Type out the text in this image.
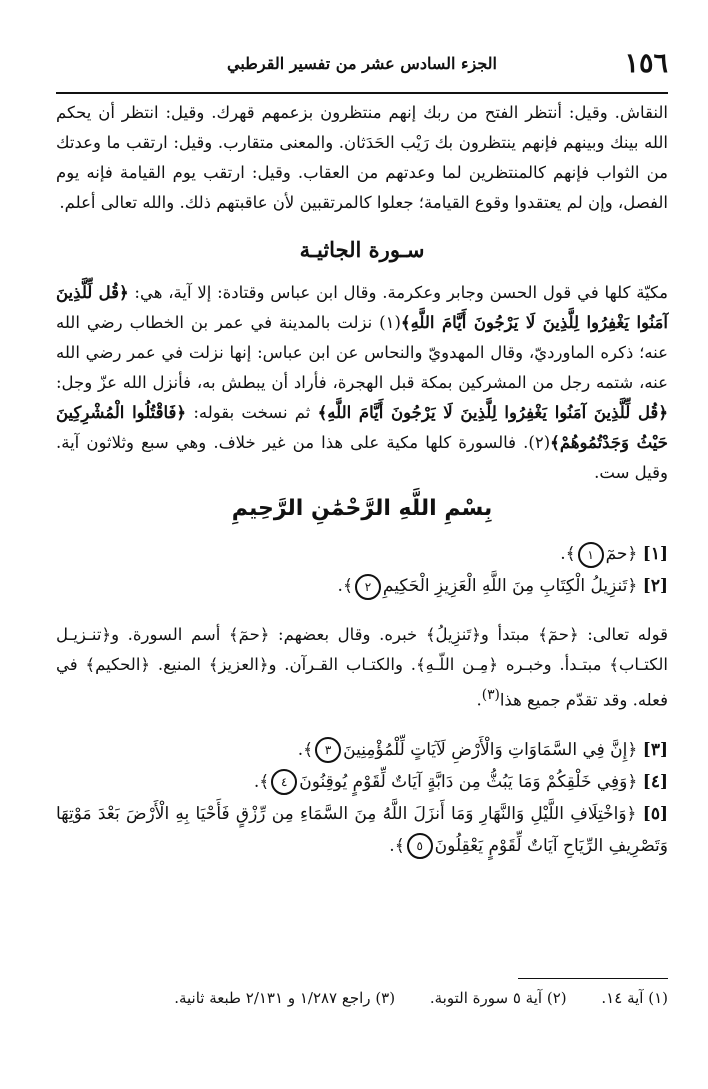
١٥٦
الجزء السادس عشر من تفسير القرطبي

النقاش. وقيل: أنتظر الفتح من ربك إنهم منتظرون بزعمهم قهرك. وقيل: انتظر أن يحكم الله بينك وبينهم فإنهم ينتظرون بك رَيْب الحَدَثان. والمعنى متقارب. وقيل: ارتقب ما وعدتك من الثواب فإنهم كالمنتظرين لما وعدتهم من العقاب. وقيل: ارتقب يوم القيامة فإنه يوم الفصل، وإن لم يعتقدوا وقوع القيامة؛ جعلوا كالمرتقبين لأن عاقبتهم ذلك. والله تعالى أعلم.

سـورة الجاثيـة

مكيّة كلها في قول الحسن وجابر وعكرمة. وقال ابن عباس وقتادة: إلا آية، هي: ﴿قُل لِّلَّذِينَ آمَنُوا يَغْفِرُوا لِلَّذِينَ لَا يَرْجُونَ أَيَّامَ اللَّهِ﴾(١) نزلت بالمدينة في عمر بن الخطاب رضي الله عنه؛ ذكره الماورديّ، وقال المهدويّ والنحاس عن ابن عباس: إنها نزلت في عمر رضي الله عنه، شتمه رجل من المشركين بمكة قبل الهجرة، فأراد أن يبطش به، فأنزل الله عزّ وجل: ﴿قُل لِّلَّذِينَ آمَنُوا يَغْفِرُوا لِلَّذِينَ لَا يَرْجُونَ أَيَّامَ اللَّهِ﴾ ثم نسخت بقوله: ﴿فَاقْتُلُوا الْمُشْرِكِينَ حَيْثُ وَجَدْتُمُوهُمْ﴾(٢). فالسورة كلها مكية على هذا من غير خلاف. وهي سبع وثلاثون آية. وقيل ست.

بِسْمِ اللَّهِ الرَّحْمَٰنِ الرَّحِيمِ

[١] ﴿حمٓ١﴾.

[٢] ﴿تَنزِيلُ الْكِتَابِ مِنَ اللَّهِ الْعَزِيزِ الْحَكِيمِ٢﴾.

قوله تعالى: ﴿حمٓ﴾ مبتدأ و﴿تَنزِيلُ﴾ خبره. وقال بعضهم: ﴿حمٓ﴾ أسم السورة. و﴿تنـزيـل الكتـاب﴾ مبتـدأ. وخبـره ﴿مِـن اللّـهِ﴾. والكتـاب القـرآن. و﴿العزيز﴾ المنيع. ﴿الحكيم﴾ في فعله. وقد تقدّم جميع هذا$^{(٣)}$.

[٣] ﴿إِنَّ فِي السَّمَاوَاتِ وَالْأَرْضِ لَآيَاتٍ لِّلْمُؤْمِنِينَ٣﴾.

[٤] ﴿وَفِي خَلْقِكُمْ وَمَا يَبُثُّ مِن دَابَّةٍ آيَاتٌ لِّقَوْمٍ يُوقِنُونَ٤﴾.

[٥] ﴿وَاخْتِلَافِ اللَّيْلِ وَالنَّهَارِ وَمَا أَنزَلَ اللَّهُ مِنَ السَّمَاءِ مِن رِّزْقٍ فَأَحْيَا بِهِ الْأَرْضَ بَعْدَ مَوْتِهَا وَتَصْرِيفِ الرِّيَاحِ آيَاتٌ لِّقَوْمٍ يَعْقِلُونَ٥﴾.

(١) آية ١٤. (٢) آية ٥ سورة التوبة. (٣) راجع ١/٢٨٧ و ٢/١٣١ طبعة ثانية.
